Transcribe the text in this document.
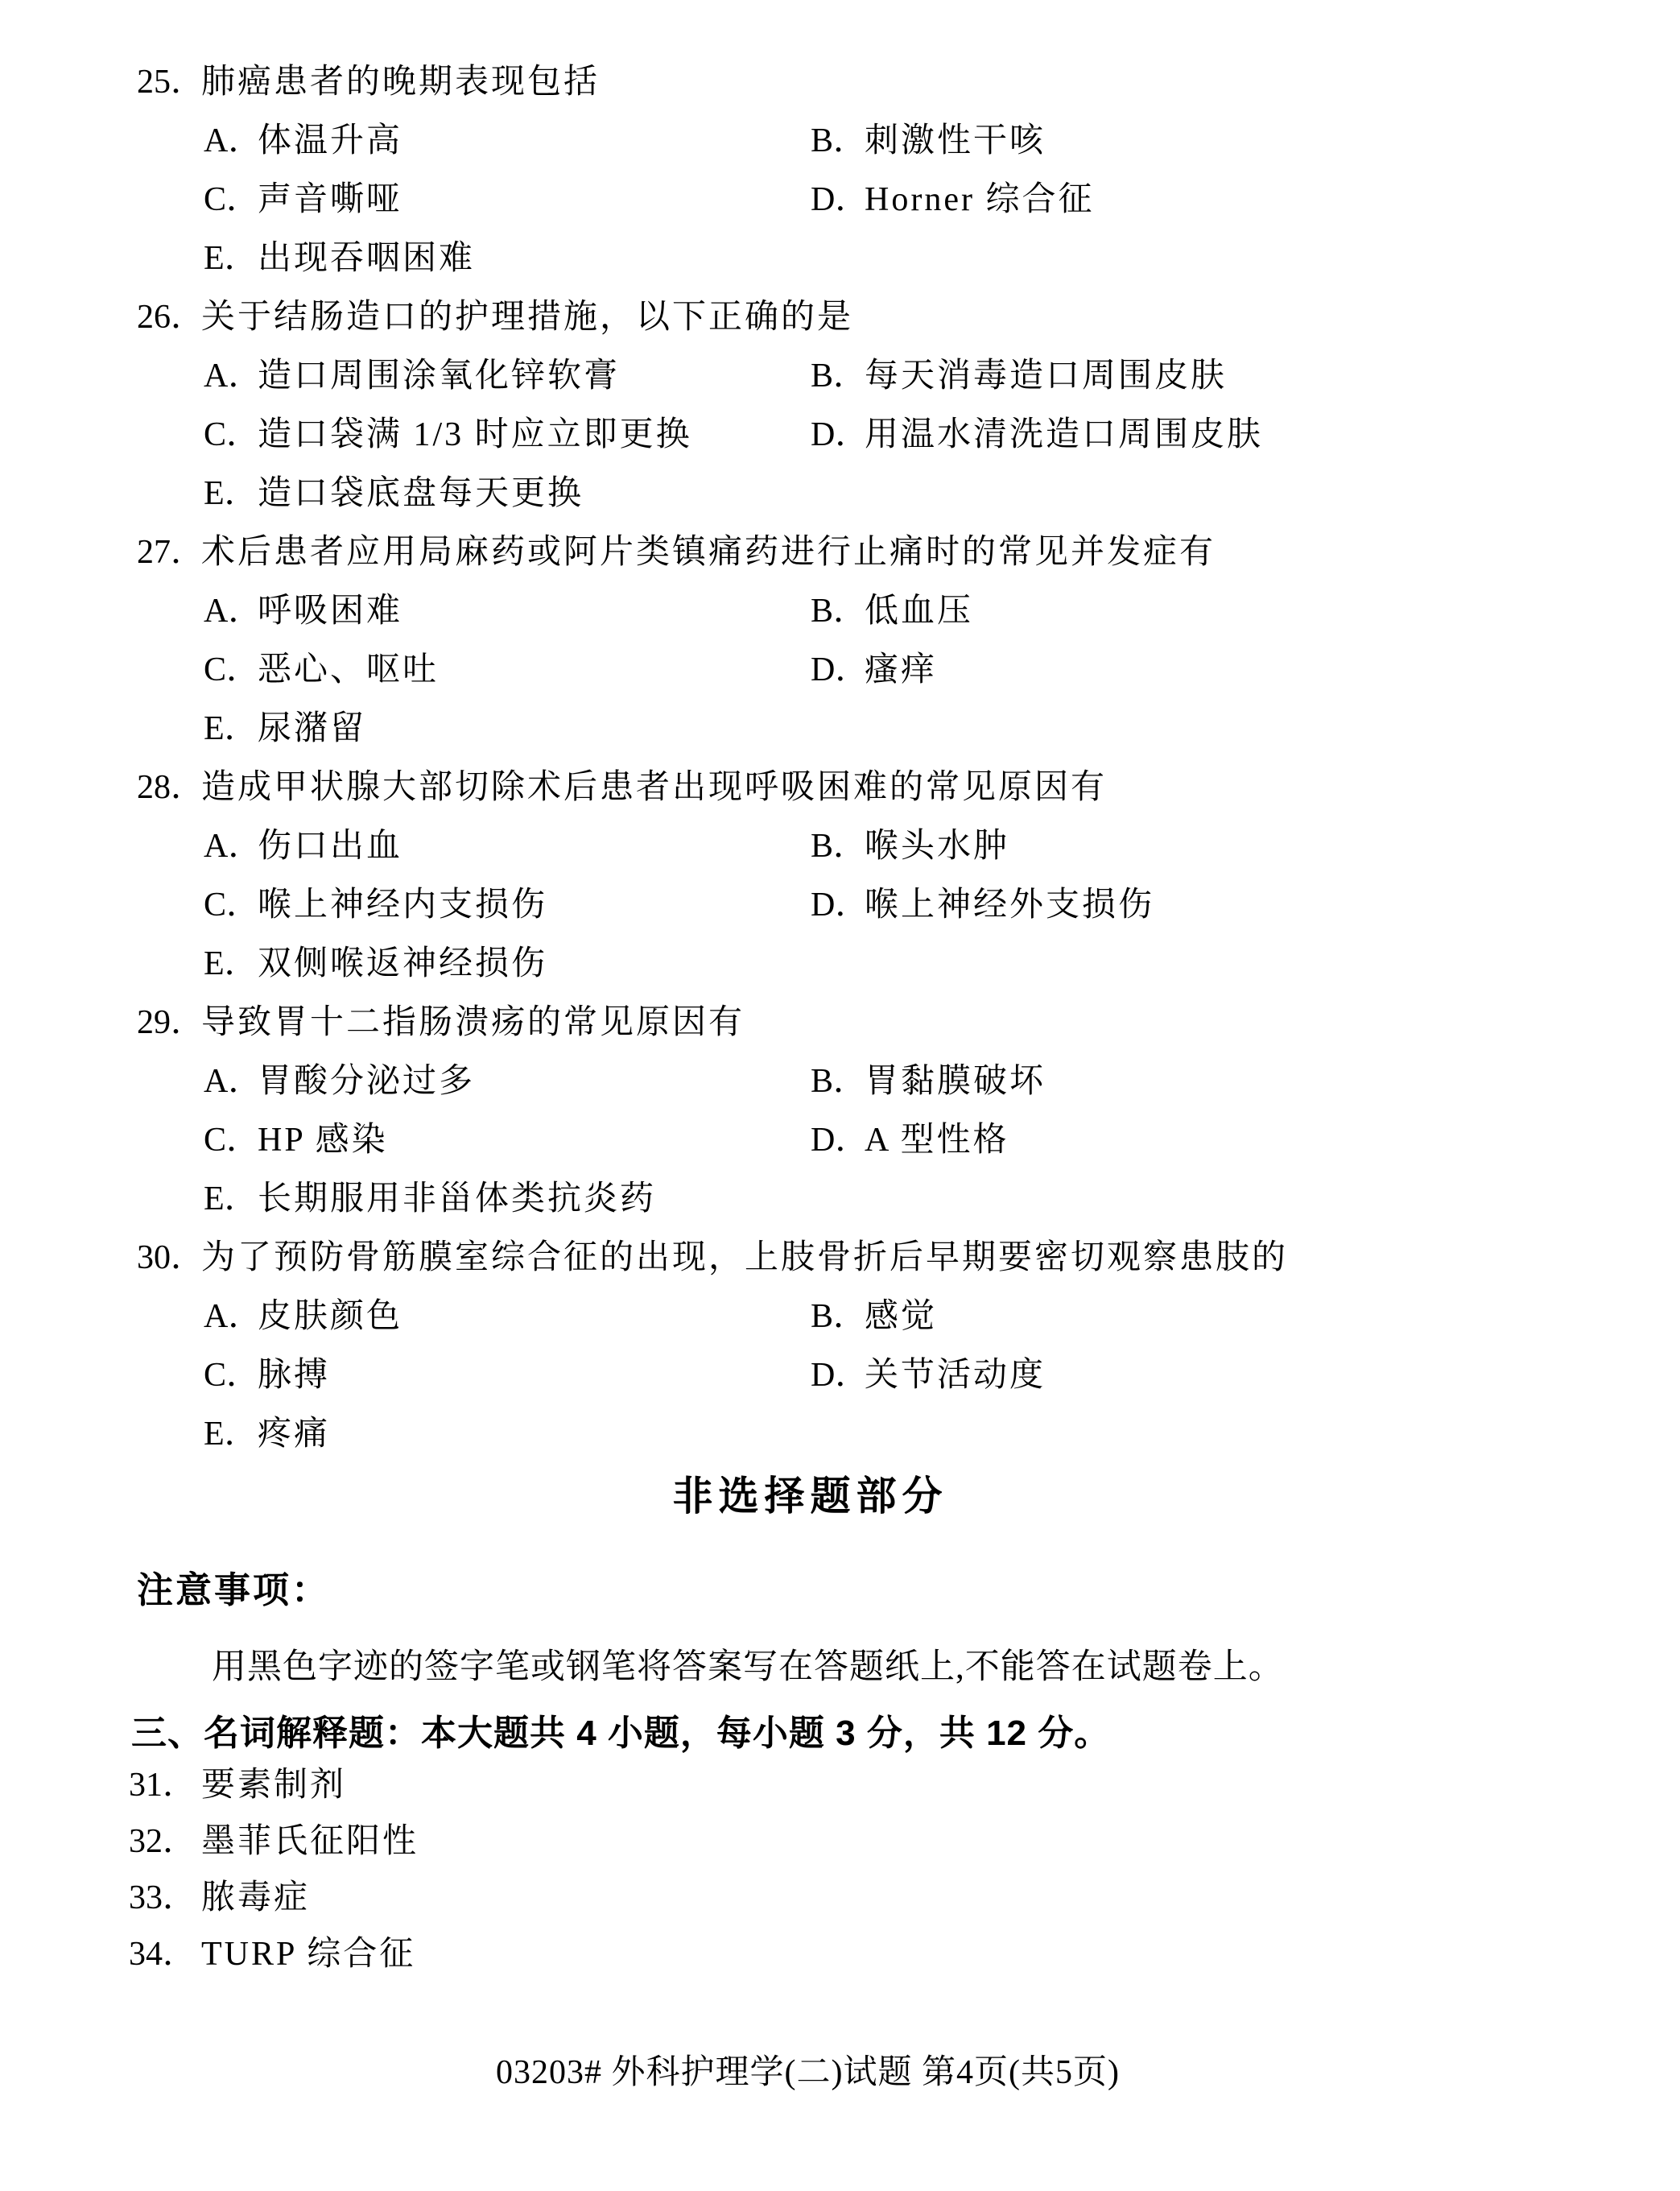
25．
肺癌患者的晚期表现包括
A．体温升高	B．
刺激性干咳
C．声音嘶哑	D．
Horner 综合征
E．出现吞咽困难
26．
关于结肠造口的护理措施，以下正确的是
A．造口周围涂氧化锌软膏	B．
每天消毒造口周围皮肤
C．造口袋满 1/3 时应立即更换	D．
用温水清洗造口周围皮肤
E．造口袋底盘每天更换
27．
术后患者应用局麻药或阿片类镇痛药进行止痛时的常见并发症有
A．呼吸困难	B．
低血压
C．恶心、呕吐	D．
瘙痒
E．尿潴留
28．
造成甲状腺大部切除术后患者出现呼吸困难的常见原因有
A．伤口出血	B．
喉头水肿
C．喉上神经内支损伤	D．
喉上神经外支损伤
E．双侧喉返神经损伤
29．
导致胃十二指肠溃疡的常见原因有
A．胃酸分泌过多	B．
胃黏膜破坏
C．HP 感染	D．
A 型性格
E．长期服用非甾体类抗炎药
30．
为了预防骨筋膜室综合征的出现，上肢骨折后早期要密切观察患肢的
A．皮肤颜色	B．
感觉
C．脉搏	D．
关节活动度
E．疼痛
非选择题部分
注意事项：
用黑色字迹的签字笔或钢笔将答案写在答题纸上,不能答在试题卷上。
三、名词解释题：本大题共 4 小题，每小题 3 分，共 12 分。
31． 要素制剂
32． 墨菲氏征阳性
33． 脓毒症
34． TURP 综合征
03203# 外科护理学(二)试题 第4页(共5页)
